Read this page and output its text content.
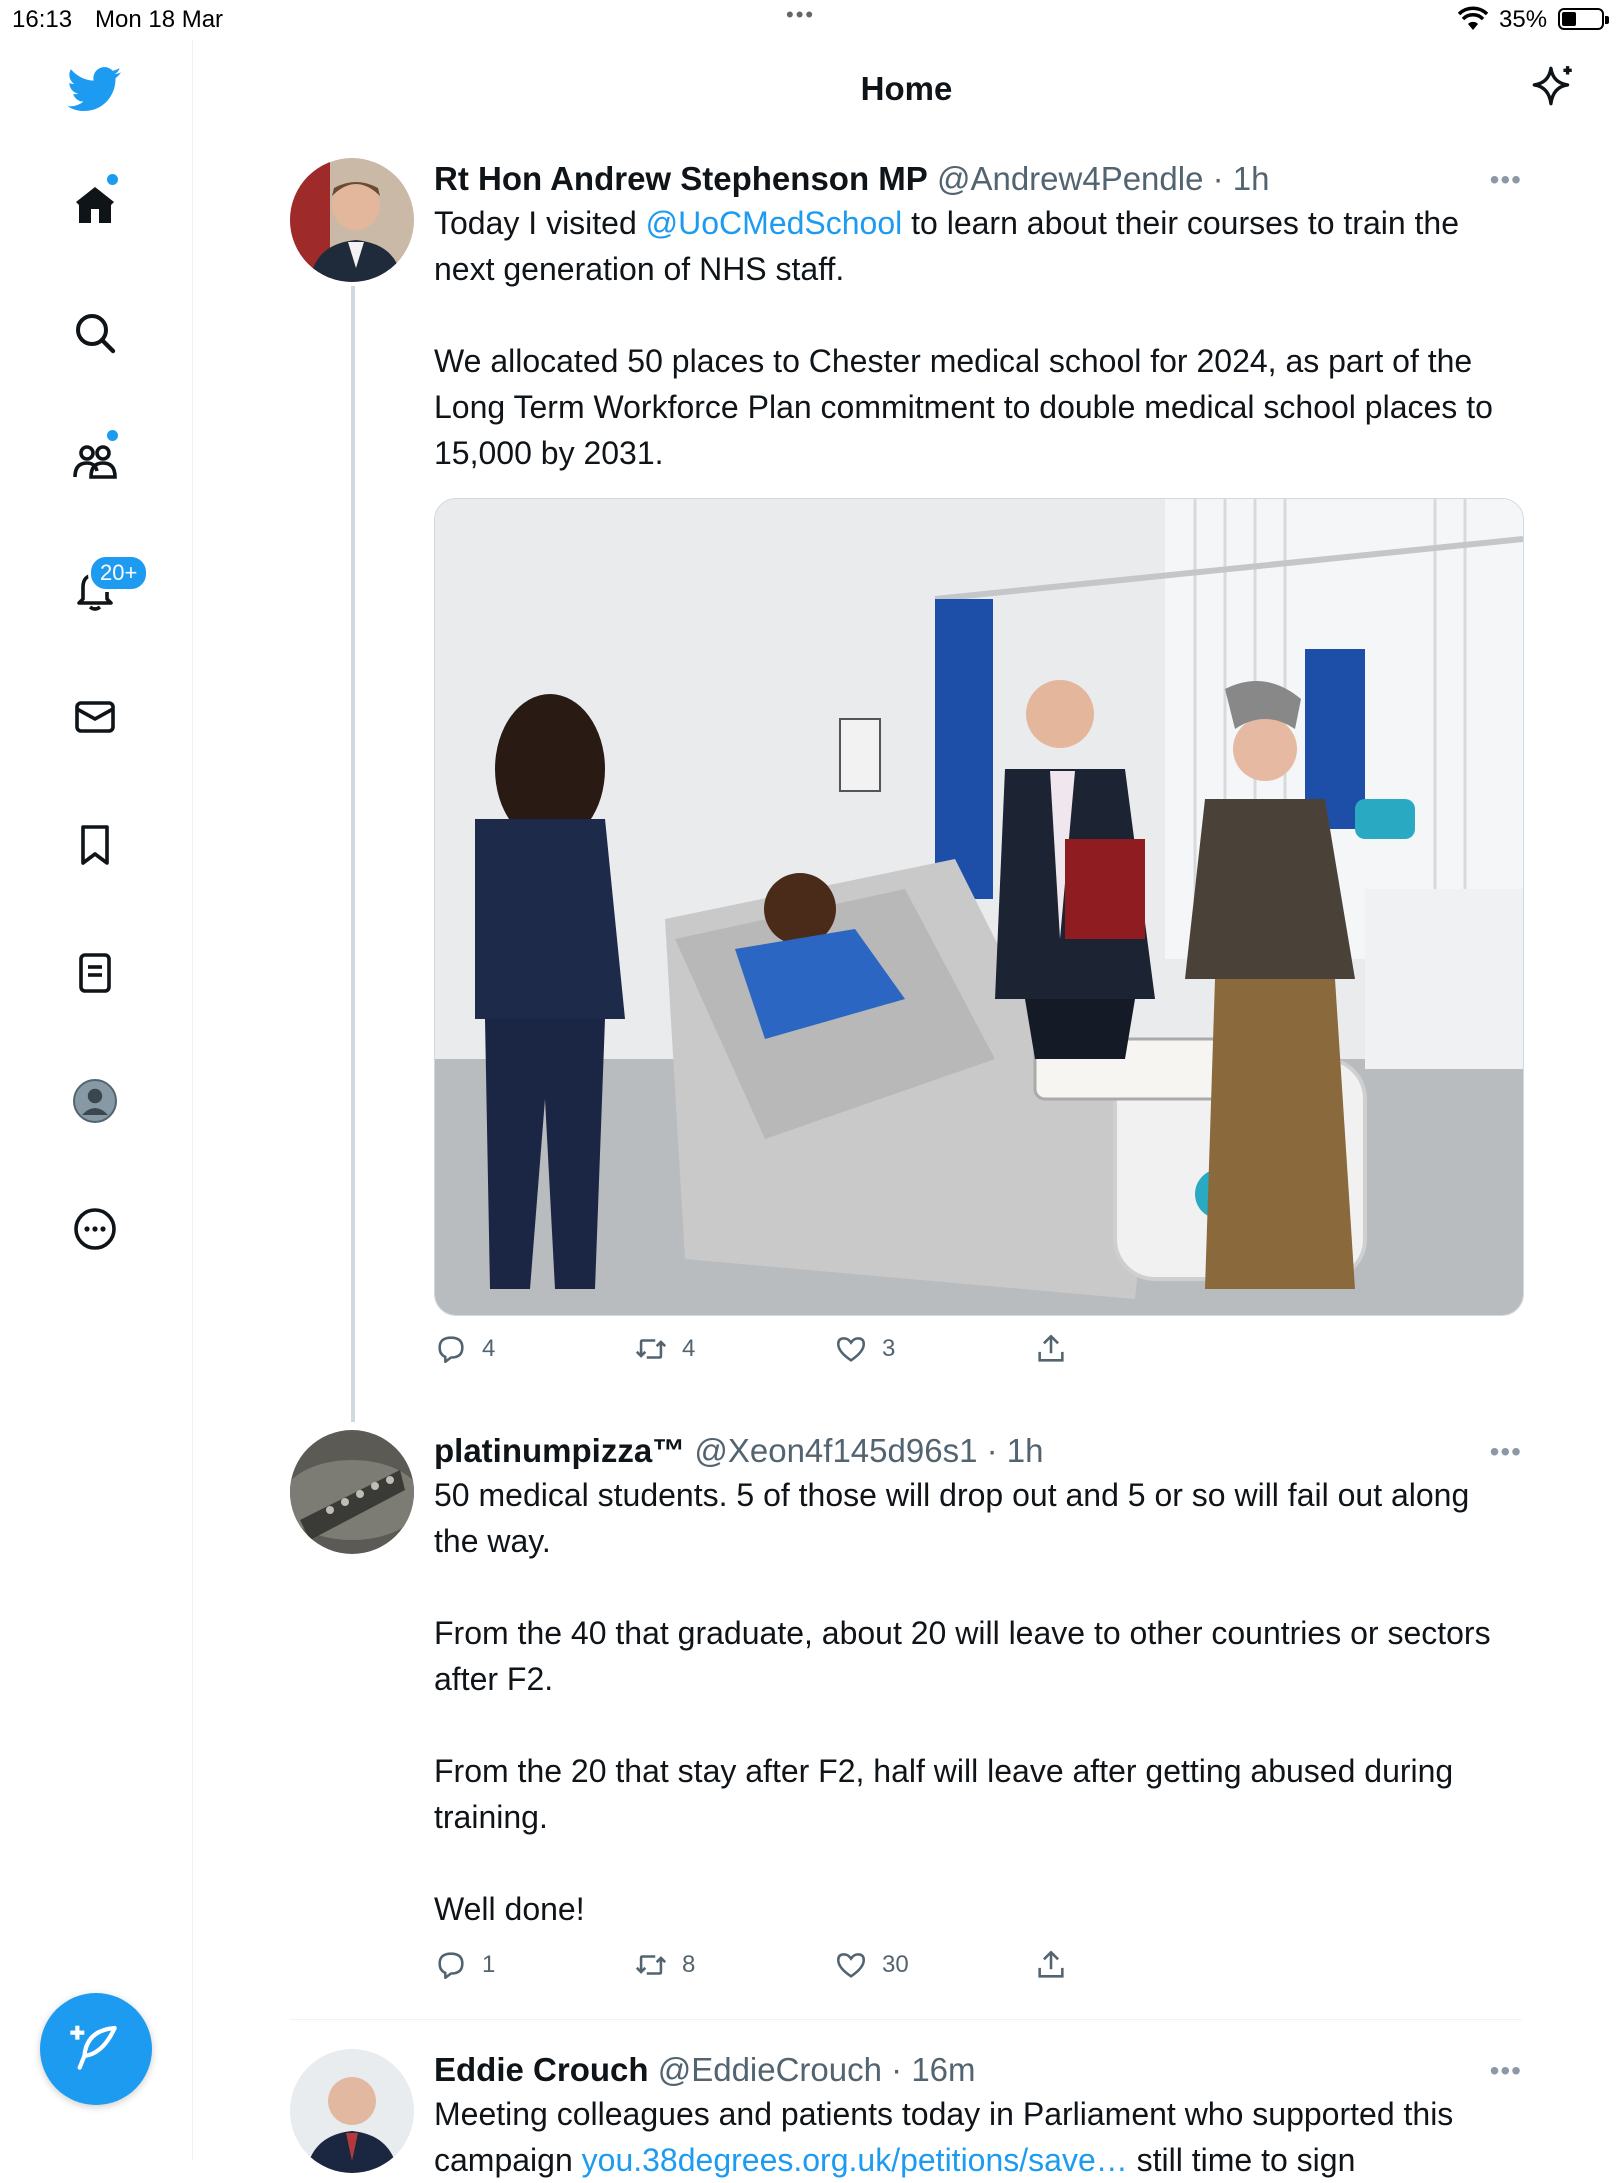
16:13 Mon 18 Mar	•••	35%
20+
Home
Rt Hon Andrew Stephenson MP @Andrew4Pendle · 1h	•••
Today I visited @UoCMedSchool to learn about their courses to train the next generation of NHS staff.

We allocated 50 places to Chester medical school for 2024, as part of the Long Term Workforce Plan commitment to double medical school places to 15,000 by 2031.
4	4	3
platinumpizza™ @Xeon4f145d96s1 · 1h	•••
50 medical students. 5 of those will drop out and 5 or so will fail out along the way.

From the 40 that graduate, about 20 will leave to other countries or sectors after F2.

From the 20 that stay after F2, half will leave after getting abused during training.

Well done!
1	8	30
Eddie Crouch @EddieCrouch · 16m	•••
Meeting colleagues and patients today in Parliament who supported this campaign you.38degrees.org.uk/petitions/save… still time to sign
